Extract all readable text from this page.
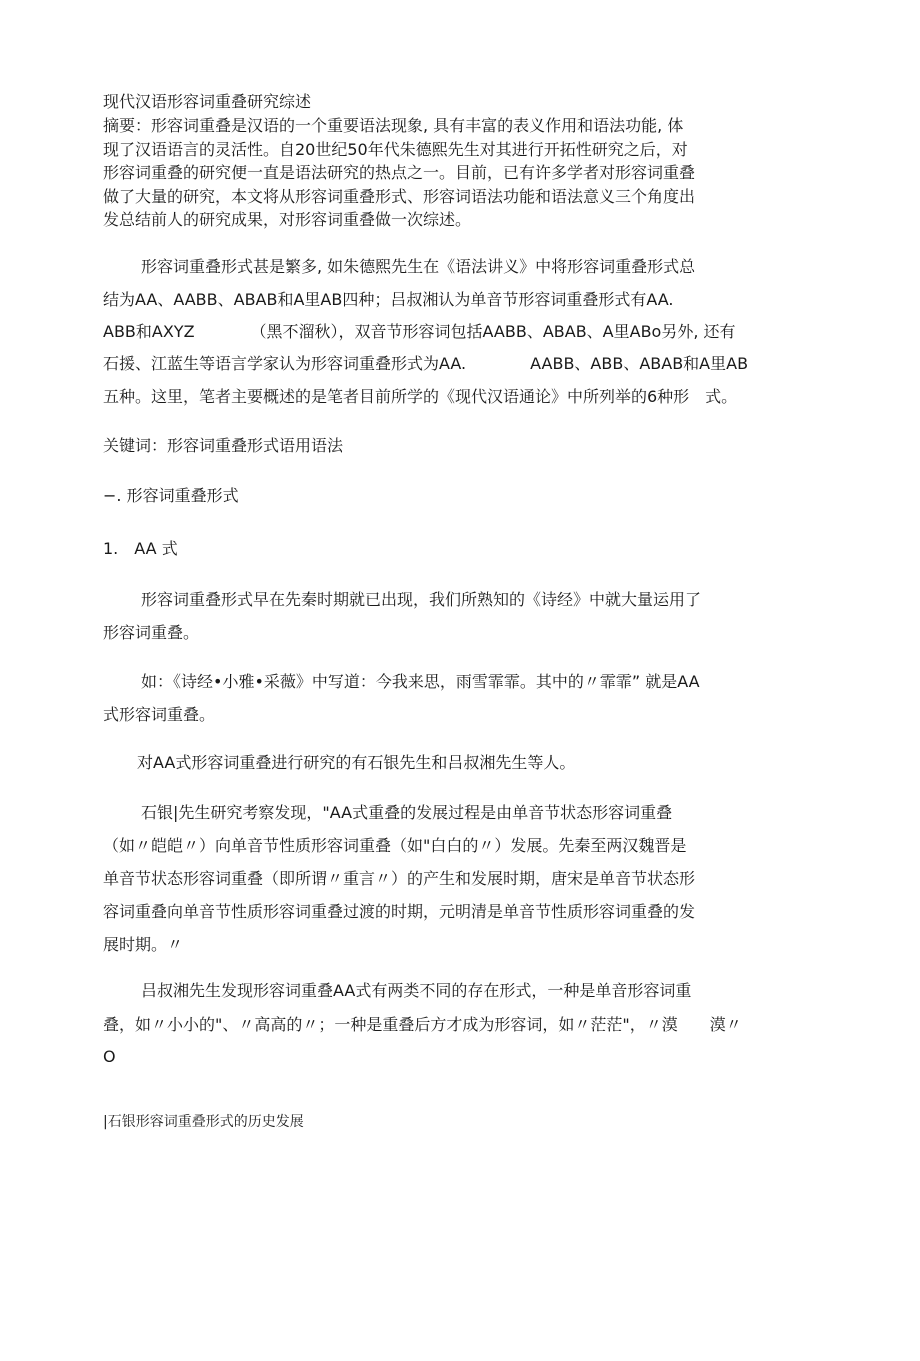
现代汉语形容词重叠研究综述

摘要：形容词重叠是汉语的一个重要语法现象, 具有丰富的表义作用和语法功能, 体

现了汉语语言的灵活性。自20世纪50年代朱德熙先生对其进行开拓性研究之后，对

形容词重叠的研究便一直是语法研究的热点之一。目前，已有许多学者对形容词重叠

做了大量的研究，本文将从形容词重叠形式、形容词语法功能和语法意义三个角度出

发总结前人的研究成果，对形容词重叠做一次综述。

形容词重叠形式甚是繁多, 如朱德熙先生在《语法讲义》中将形容词重叠形式总

结为AA、AABB、ABAB和A里AB四种；吕叔湘认为单音节形容词重叠形式有AA.

ABB和AXYZ　　　　（黑不溜秋），双音节形容词包括AABB、ABAB、A里ABo另外, 还有

石援、江蓝生等语言学家认为形容词重叠形式为AA.　　　　AABB、ABB、ABAB和A里AB

五种。这里，笔者主要概述的是笔者目前所学的《现代汉语通论》中所列举的6种形　式。

关键词：形容词重叠形式语用语法

−. 形容词重叠形式

1.　AA 式

形容词重叠形式早在先秦时期就已出现，我们所熟知的《诗经》中就大量运用了

形容词重叠。

如：《诗经•小雅•采薇》中写道：今我来思，雨雪霏霏。其中的〃霏霏” 就是AA

式形容词重叠。

对AA式形容词重叠进行研究的有石银先生和吕叔湘先生等人。

石银|先生研究考察发现，"AA式重叠的发展过程是由单音节状态形容词重叠

（如〃皑皑〃）向单音节性质形容词重叠（如"白白的〃）发展。先秦至两汉魏晋是

单音节状态形容词重叠（即所谓〃重言〃）的产生和发展时期，唐宋是单音节状态形

容词重叠向单音节性质形容词重叠过渡的时期，元明清是单音节性质形容词重叠的发

展时期。〃

吕叔湘先生发现形容词重叠AA式有两类不同的存在形式，一种是单音形容词重

叠，如〃小小的"、〃高高的〃；一种是重叠后方才成为形容词，如〃茫茫"，〃漠　　漠〃

O

|石银形容词重叠形式的历史发展
